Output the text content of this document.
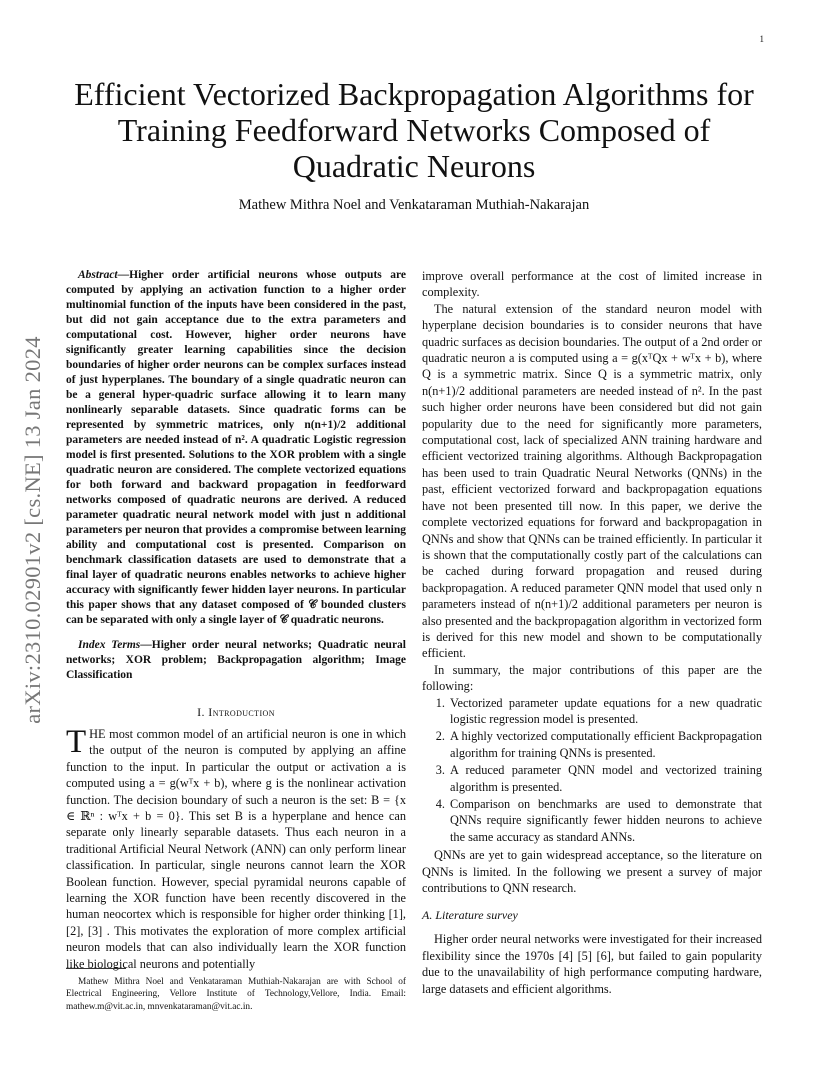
1
arXiv:2310.02901v2 [cs.NE] 13 Jan 2024
Efficient Vectorized Backpropagation Algorithms for Training Feedforward Networks Composed of Quadratic Neurons
Mathew Mithra Noel and Venkataraman Muthiah-Nakarajan

Abstract—Higher order artificial neurons whose outputs are computed by applying an activation function to a higher order multinomial function of the inputs have been considered in the past, but did not gain acceptance due to the extra parameters and computational cost. However, higher order neurons have significantly greater learning capabilities since the decision boundaries of higher order neurons can be complex surfaces instead of just hyperplanes. The boundary of a single quadratic neuron can be a general hyper-quadric surface allowing it to learn many nonlinearly separable datasets. Since quadratic forms can be represented by symmetric matrices, only n(n+1)/2 additional parameters are needed instead of n². A quadratic Logistic regression model is first presented. Solutions to the XOR problem with a single quadratic neuron are considered. The complete vectorized equations for both forward and backward propagation in feedforward networks composed of quadratic neurons are derived. A reduced parameter quadratic neural network model with just n additional parameters per neuron that provides a compromise between learning ability and computational cost is presented. Comparison on benchmark classification datasets are used to demonstrate that a final layer of quadratic neurons enables networks to achieve higher accuracy with significantly fewer hidden layer neurons. In particular this paper shows that any dataset composed of 𝒞 bounded clusters can be separated with only a single layer of 𝒞 quadratic neurons.

Index Terms—Higher order neural networks; Quadratic neural networks; XOR problem; Backpropagation algorithm; Image Classification

I. Introduction

THE most common model of an artificial neuron is one in which the output of the neuron is computed by applying an affine function to the input. In particular the output or activation a is computed using a = g(wᵀx + b), where g is the nonlinear activation function. The decision boundary of such a neuron is the set: B = {x ∈ ℝⁿ : wᵀx + b = 0}. This set B is a hyperplane and hence can separate only linearly separable datasets. Thus each neuron in a traditional Artificial Neural Network (ANN) can only perform linear classification. In particular, single neurons cannot learn the XOR Boolean function. However, special pyramidal neurons capable of learning the XOR function have been recently discovered in the human neocortex which is responsible for higher order thinking [1], [2], [3] . This motivates the exploration of more complex artificial neuron models that can also individually learn the XOR function like biological neurons and potentially

improve overall performance at the cost of limited increase in complexity.

The natural extension of the standard neuron model with hyperplane decision boundaries is to consider neurons that have quadric surfaces as decision boundaries. The output of a 2nd order or quadratic neuron a is computed using a = g(xᵀQx + wᵀx + b), where Q is a symmetric matrix. Since Q is a symmetric matrix, only n(n+1)/2 additional parameters are needed instead of n². In the past such higher order neurons have been considered but did not gain popularity due to the need for significantly more parameters, computational cost, lack of specialized ANN training hardware and efficient vectorized training algorithms. Although Backpropagation has been used to train Quadratic Neural Networks (QNNs) in the past, efficient vectorized forward and backpropagation equations have not been presented till now. In this paper, we derive the complete vectorized equations for forward and backpropagation in QNNs and show that QNNs can be trained efficiently. In particular it is shown that the computationally costly part of the calculations can be cached during forward propagation and reused during backpropagation. A reduced parameter QNN model that used only n parameters instead of n(n+1)/2 additional parameters per neuron is also presented and the backpropagation algorithm in vectorized form is derived for this new model and shown to be computationally efficient.

In summary, the major contributions of this paper are the following:

1. Vectorized parameter update equations for a new quadratic logistic regression model is presented.
2. A highly vectorized computationally efficient Backpropagation algorithm for training QNNs is presented.
3. A reduced parameter QNN model and vectorized training algorithm is presented.
4. Comparison on benchmarks are used to demonstrate that QNNs require significantly fewer hidden neurons to achieve the same accuracy as standard ANNs.

QNNs are yet to gain widespread acceptance, so the literature on QNNs is limited. In the following we present a survey of major contributions to QNN research.

A. Literature survey

Higher order neural networks were investigated for their increased flexibility since the 1970s [4] [5] [6], but failed to gain popularity due to the unavailability of high performance computing hardware, large datasets and efficient algorithms.

Mathew Mithra Noel and Venkataraman Muthiah-Nakarajan are with School of Electrical Engineering, Vellore Institute of Technology,Vellore, India. Email: mathew.m@vit.ac.in, mnvenkataraman@vit.ac.in.
